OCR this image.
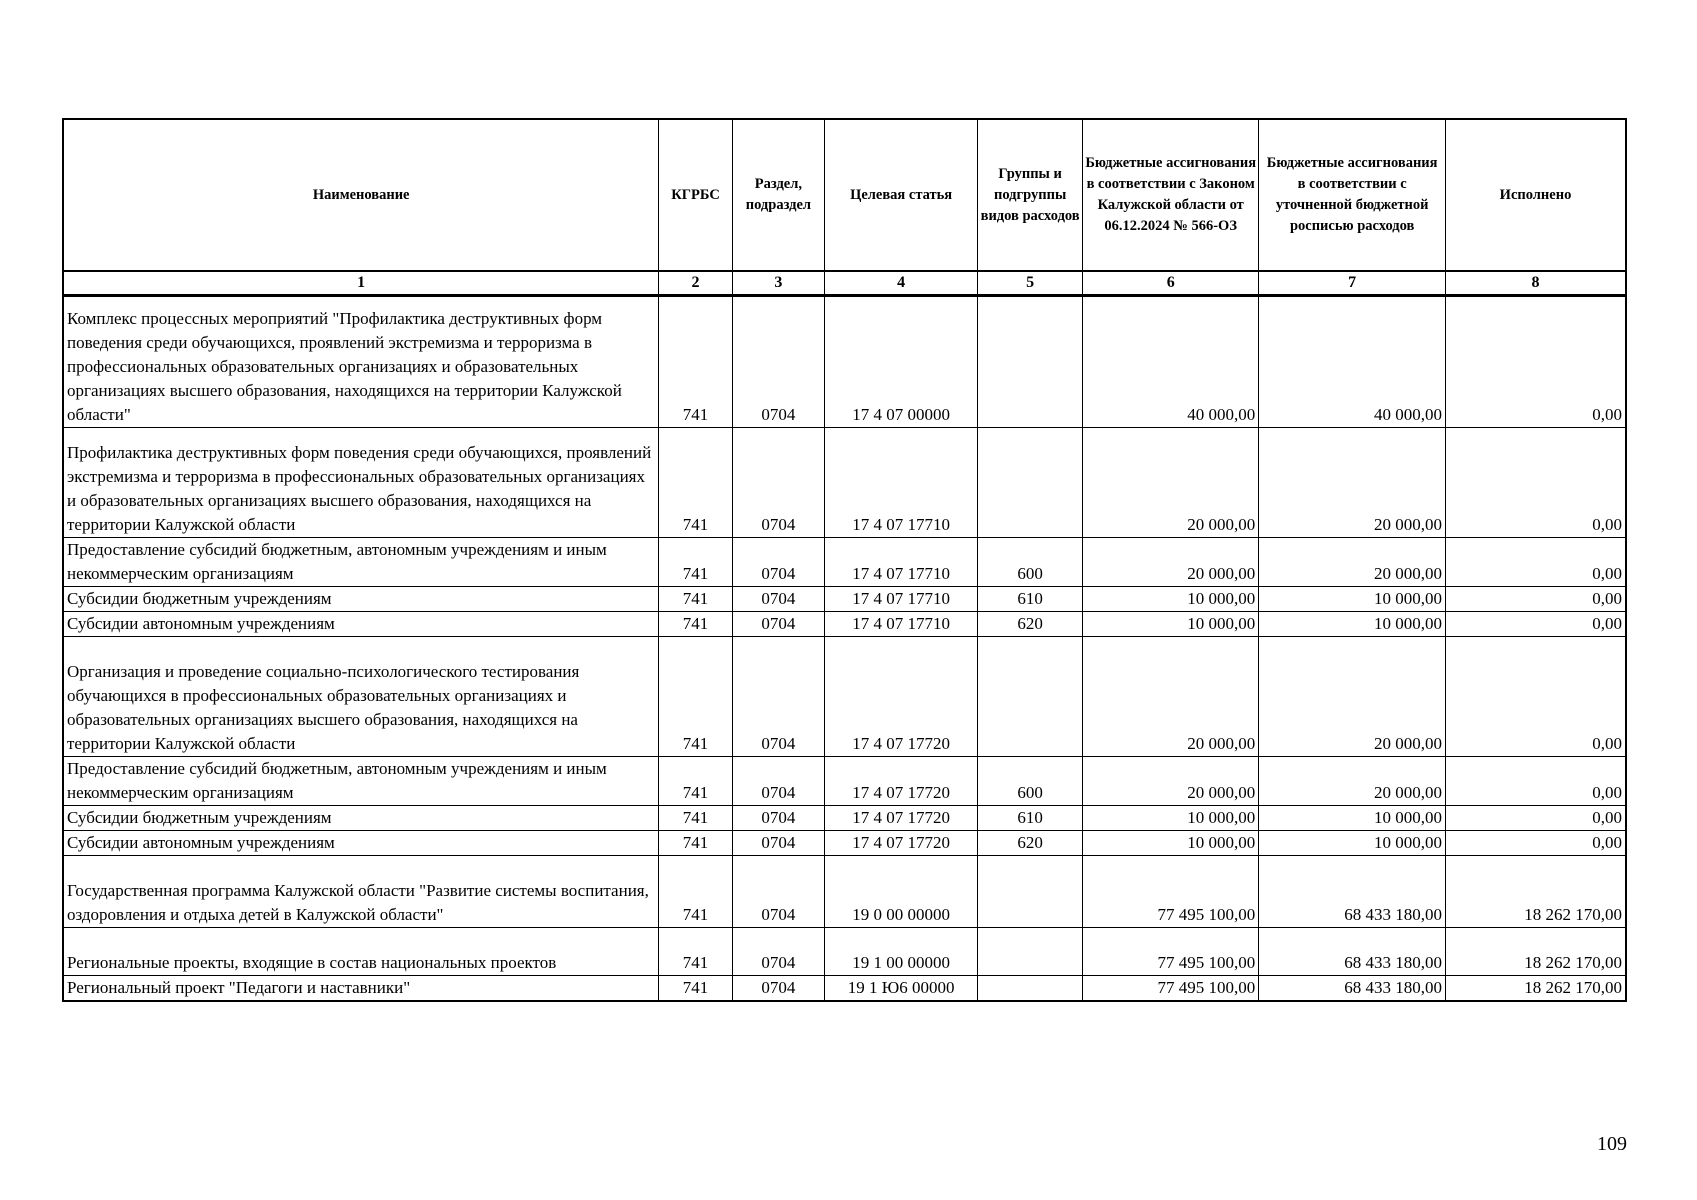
Наименование	КГРБС	Раздел, подраздел	Целевая статья	Группы и подгруппы видов расходов	Бюджетные ассигнования в соответствии с Законом Калужской области от 06.12.2024 № 566-ОЗ	Бюджетные ассигнования в соответствии с уточненной бюджетной росписью расходов	Исполнено
1	2	3	4	5	6	7	8
Комплекс процессных мероприятий "Профилактика деструктивных форм поведения среди обучающихся, проявлений экстремизма и терроризма в профессиональных образовательных организациях и образовательных организациях высшего образования, находящихся на территории Калужской области"	741	0704	17 4 07 00000		40 000,00	40 000,00	0,00
Профилактика деструктивных форм поведения среди обучающихся, проявлений экстремизма и терроризма в профессиональных образовательных организациях и образовательных организациях высшего образования, находящихся на территории Калужской области	741	0704	17 4 07 17710		20 000,00	20 000,00	0,00
Предоставление субсидий бюджетным, автономным учреждениям и иным некоммерческим организациям	741	0704	17 4 07 17710	600	20 000,00	20 000,00	0,00
Субсидии бюджетным учреждениям	741	0704	17 4 07 17710	610	10 000,00	10 000,00	0,00
Субсидии автономным учреждениям	741	0704	17 4 07 17710	620	10 000,00	10 000,00	0,00
Организация и проведение социально-психологического тестирования обучающихся в профессиональных образовательных организациях и образовательных организациях высшего образования, находящихся на территории Калужской области	741	0704	17 4 07 17720		20 000,00	20 000,00	0,00
Предоставление субсидий бюджетным, автономным учреждениям и иным некоммерческим организациям	741	0704	17 4 07 17720	600	20 000,00	20 000,00	0,00
Субсидии бюджетным учреждениям	741	0704	17 4 07 17720	610	10 000,00	10 000,00	0,00
Субсидии автономным учреждениям	741	0704	17 4 07 17720	620	10 000,00	10 000,00	0,00
Государственная программа Калужской области "Развитие системы воспитания, оздоровления и отдыха детей в Калужской области"	741	0704	19 0 00 00000		77 495 100,00	68 433 180,00	18 262 170,00
Региональные проекты, входящие в состав национальных проектов	741	0704	19 1 00 00000		77 495 100,00	68 433 180,00	18 262 170,00
Региональный проект "Педагоги и наставники"	741	0704	19 1 Ю6 00000		77 495 100,00	68 433 180,00	18 262 170,00
109
